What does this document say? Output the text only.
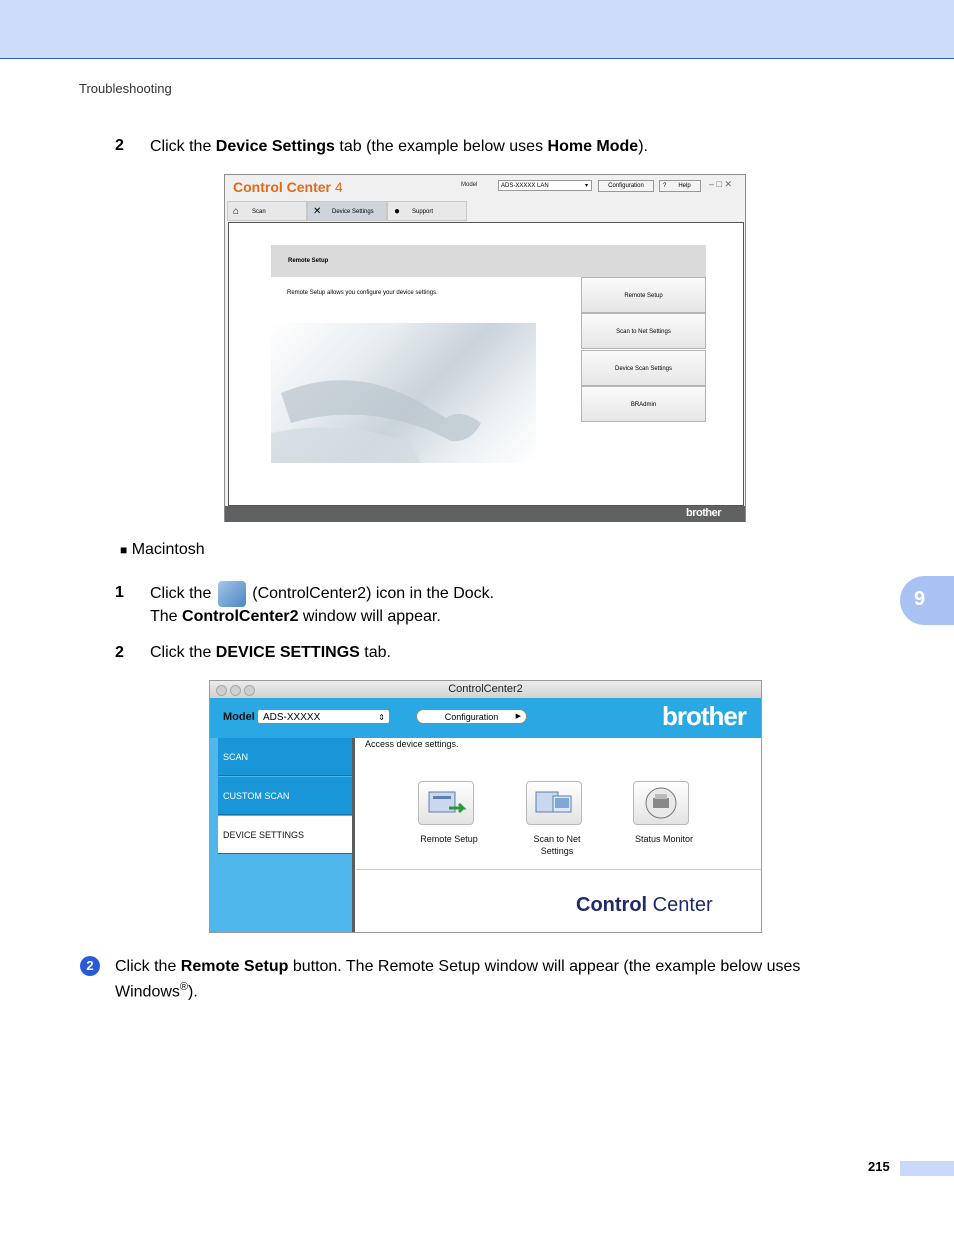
Troubleshooting
2 Click the Device Settings tab (the example below uses Home Mode).
Control Center 4	Model	ADS-XXXXX LAN	▾	Configuration	? Help	– □ ✕
⌂ Scan	✕ Device Settings	● Support
Remote Setup
Remote Setup allows you configure your device settings.	Remote Setup
Scan to Net Settings
Device Scan Settings
BRAdmin
brother
■ Macintosh
1 Click the  (ControlCenter2) icon in the Dock.
The ControlCenter2 window will appear.
9
2 Click the DEVICE SETTINGS tab.
ControlCenter2
Model ADS-XXXXX	⇕	Configuration ▶	brother
SCAN
CUSTOM SCAN
DEVICE SETTINGS
Access device settings.
Remote Setup	Scan to Net
Settings
Status Monitor
Control Center
2	Click the Remote Setup button. The Remote Setup window will appear (the example below uses
Windows®).
215
